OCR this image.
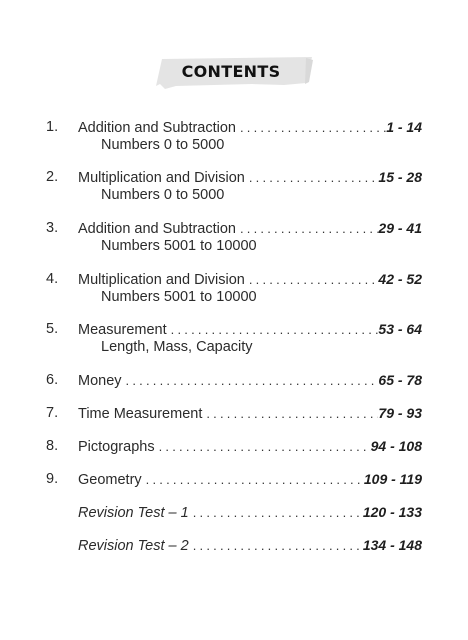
CONTENTS
1. Addition and Subtraction .....	1 - 14
Numbers 0 to 5000
2. Multiplication and Division .....	15 - 28
Numbers 0 to 5000
3. Addition and Subtraction .....	29 - 41
Numbers 5001 to 10000
4. Multiplication and Division .....	42 - 52
Numbers 5001 to 10000
5. Measurement .....	53 - 64
Length, Mass, Capacity
6. Money .....	65 - 78
7. Time Measurement .....	79 - 93
8. Pictographs .....	94 - 108
9. Geometry .....	109 - 119
Revision Test – 1 .....	120 - 133
Revision Test – 2 .....	134 - 148
